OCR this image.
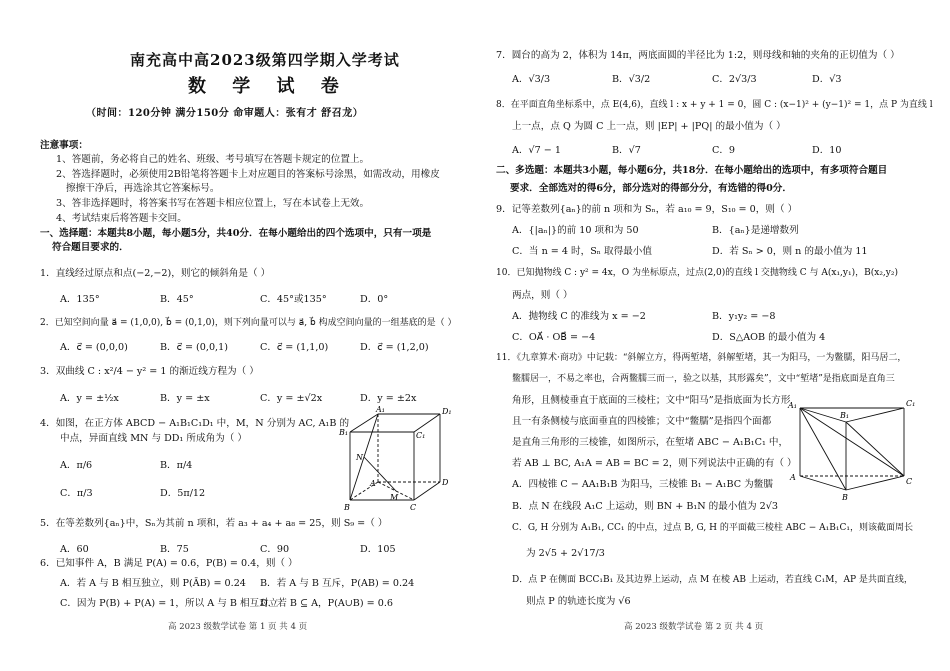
南充高中高2023级第四学期入学考试
数 学 试 卷
（时间：120分钟 满分150分 命审题人：张有才 舒召龙）
注意事项：
1、答题前，务必将自己的姓名、班级、考号填写在答题卡规定的位置上。
2、答选择题时，必须使用2B铅笔将答题卡上对应题目的答案标号涂黑，如需改动，用橡皮
擦擦干净后，再选涂其它答案标号。
3、答非选择题时，将答案书写在答题卡相应位置上，写在本试卷上无效。
4、考试结束后将答题卡交回。
一、选择题：本题共8小题，每小题5分，共40分．在每小题给出的四个选项中，只有一项是
符合题目要求的．
1．直线经过原点和点(−2,−2)，则它的倾斜角是（ ）
A．135°	B．45°	C．45°或135°	D．0°
2．已知空间向量 a⃗ = (1,0,0), b⃗ = (0,1,0)，则下列向量可以与 a⃗, b⃗ 构成空间向量的一组基底的是（ ）
A．c⃗ = (0,0,0)	B．c⃗ = (0,0,1)	C．c⃗ = (1,1,0)	D．c⃗ = (1,2,0)
3．双曲线 C : x²/4 − y² = 1 的渐近线方程为（ ）
A．y = ±½x	B．y = ±x	C．y = ±√2x	D．y = ±2x
4．如图，在正方体 ABCD − A₁B₁C₁D₁ 中，M，N 分别为 AC, A₁B 的
中点，异面直线 MN 与 DD₁ 所成角为（ ）
A．π/6	B．π/4
C．π/3	D．5π/12
A₁	D₁
B₁	C₁
D
A
B	C
N
M
5．在等差数列{aₙ}中，Sₙ为其前 n 项和，若 a₃ + a₄ + a₈ = 25，则 S₉ =（ ）
A．60	B．75	C．90	D．105
6．已知事件 A，B 满足 P(A) = 0.6，P(B) = 0.4，则（ ）
A．若 A 与 B 相互独立，则 P(ĀB) = 0.24 B．若 A 与 B 互斥，P(AB) = 0.24
C．因为 P(B) + P(A) = 1，所以 A 与 B 相互对立
D．若 B ⊆ A，P(A∪B) = 0.6
高 2023 级数学试卷 第 1 页 共 4 页
7．圆台的高为 2，体积为 14π，两底面圆的半径比为 1:2，则母线和轴的夹角的正切值为（ ）
A．√3/3	B．√3/2	C．2√3/3	D．√3
8．在平面直角坐标系中，点 E(4,6)，直线 l : x + y + 1 = 0，圆 C : (x−1)² + (y−1)² = 1，点 P 为直线 l
上一点，点 Q 为圆 C 上一点，则 |EP| + |PQ| 的最小值为（ ）
A．√7 − 1	B．√7	C．9	D．10
二、多选题：本题共3小题，每小题6分，共18分．在每小题给出的选项中，有多项符合题目
要求．全部选对的得6分，部分选对的得部分分，有选错的得0分．
9．记等差数列{aₙ}的前 n 项和为 Sₙ，若 a₁₀ = 9，S₁₀ = 0，则（ ）
A．{|aₙ|}的前 10 项和为 50	B．{aₙ}是递增数列
C．当 n = 4 时，Sₙ 取得最小值	D．若 Sₙ > 0，则 n 的最小值为 11
10．已知抛物线 C : y² = 4x，O 为坐标原点，过点(2,0)的直线 l 交抛物线 C 与 A(x₁,y₁)，B(x₂,y₂)
两点，则（ ）
A．抛物线 C 的准线为 x = −2	B．y₁y₂ = −8
C．OA⃗ · OB⃗ = −4	D．S△AOB 的最小值为 4
11．《九章算术·商功》中记载：“斜解立方，得两堑堵，斜解堑堵，其一为阳马，一为鳖臑，阳马居二，
鳖臑居一，不易之率也，合两鳖臑三而一，验之以基，其形露矣”，文中“堑堵”是指底面是直角三
角形，且侧棱垂直于底面的三棱柱；文中“阳马”是指底面为长方形
且一有条侧棱与底面垂直的四棱锥；文中“鳖臑”是指四个面都
是直角三角形的三棱锥，如图所示，在堑堵 ABC − A₁B₁C₁ 中，
若 AB ⊥ BC, A₁A = AB = BC = 2，则下列说法中正确的有（ ）
A．四棱锥 C − AA₁B₁B 为阳马，三棱锥 B₁ − A₁BC 为鳖臑
B．点 N 在线段 A₁C 上运动，则 BN + B₁N 的最小值为 2√3
C．G, H 分别为 A₁B₁, CC₁ 的中点，过点 B, G, H 的平面截三棱柱 ABC − A₁B₁C₁，则该截面周长
为 2√5 + 2√17/3
D．点 P 在侧面 BCC₁B₁ 及其边界上运动，点 M 在棱 AB 上运动，若直线 C₁M，AP 是共面直线，
则点 P 的轨迹长度为 √6
A₁
B₁
C₁
A
B
C
高 2023 级数学试卷 第 2 页 共 4 页
